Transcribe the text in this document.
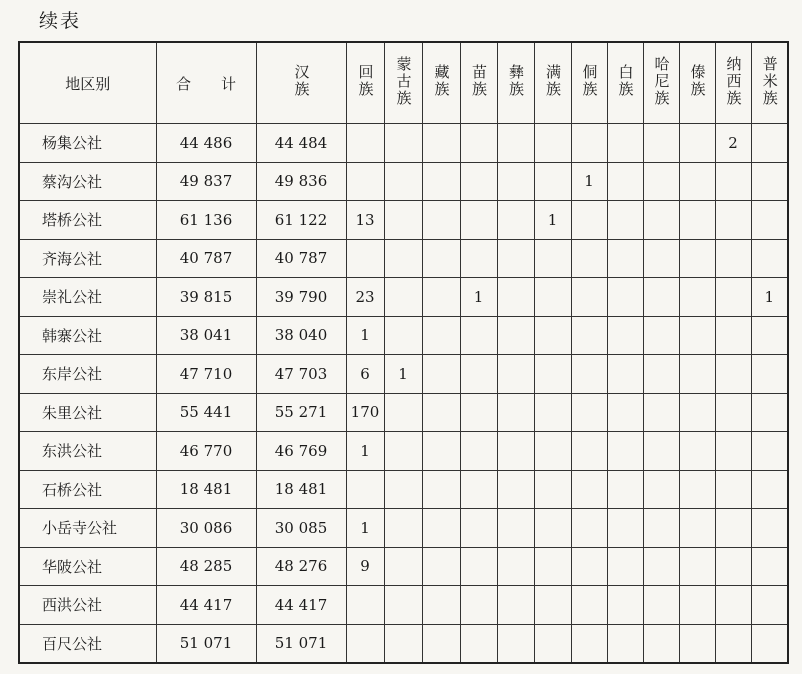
续表
地区别	合　　计	汉族	回族	蒙古族	藏族	苗族	彝族	满族	侗族	白族	哈尼族	傣族	纳西族	普米族
杨集公社	44 486	44 484											2	
蔡沟公社	49 837	49 836							1					
塔桥公社	61 136	61 122	13					1						
齐海公社	40 787	40 787												
崇礼公社	39 815	39 790	23			1								1
韩寨公社	38 041	38 040	1											
东岸公社	47 710	47 703	6	1										
朱里公社	55 441	55 271	170											
东洪公社	46 770	46 769	1											
石桥公社	18 481	18 481												
小岳寺公社	30 086	30 085	1											
华陂公社	48 285	48 276	9											
西洪公社	44 417	44 417												
百尺公社	51 071	51 071												
